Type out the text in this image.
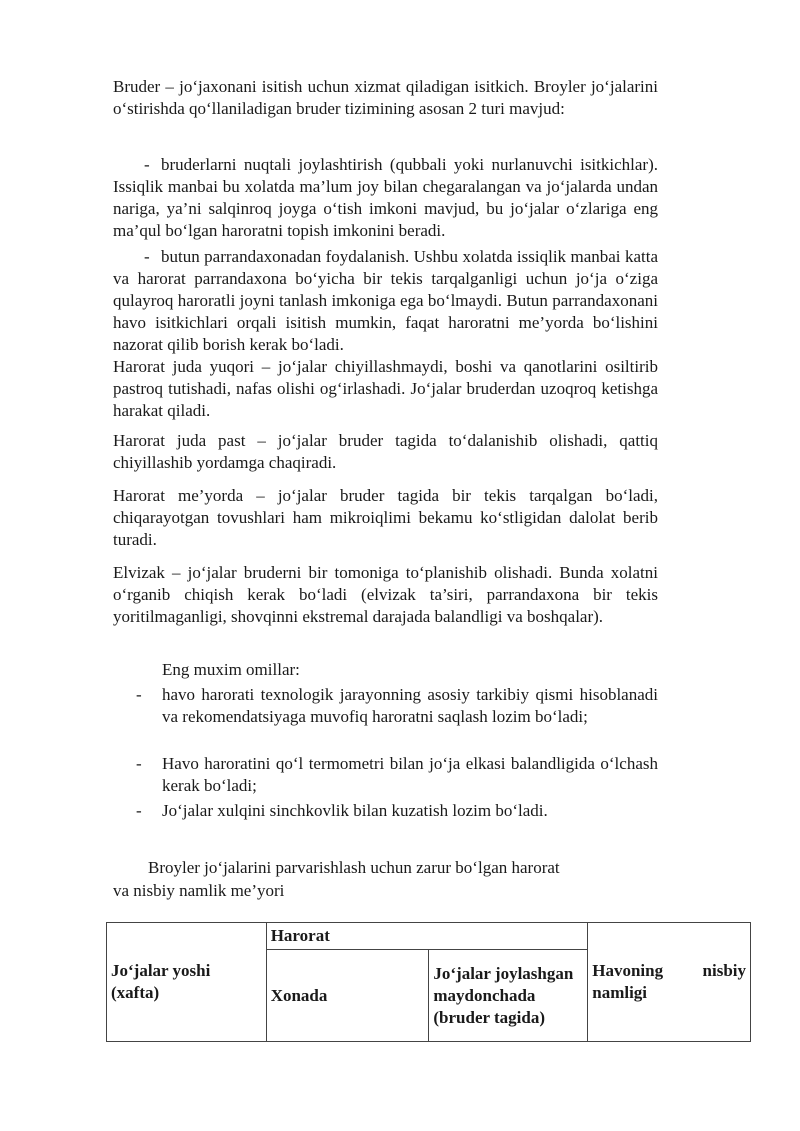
Bruder – jo‘jaxonani isitish uchun xizmat qiladigan isitkich. Broyler jo‘jalarini o‘stirishda qo‘llaniladigan bruder tizimining asosan 2 turi mavjud:

- bruderlarni nuqtali joylashtirish (qubbali yoki nurlanuvchi isitkichlar). Issiqlik manbai bu xolatda ma’lum joy bilan chegaralangan va jo‘jalarda undan nariga, ya’ni salqinroq joyga o‘tish imkoni mavjud, bu jo‘jalar o‘zlariga eng ma’qul bo‘lgan haroratni topish imkonini beradi.

- butun parrandaxonadan foydalanish. Ushbu xolatda issiqlik manbai katta va harorat parrandaxona bo‘yicha bir tekis tarqalganligi uchun jo‘ja o‘ziga qulayroq haroratli joyni tanlash imkoniga ega bo‘lmaydi. Butun parrandaxonani havo isitkichlari orqali isitish mumkin, faqat haroratni me’yorda bo‘lishini nazorat qilib borish kerak bo‘ladi.

Harorat juda yuqori – jo‘jalar chiyillashmaydi, boshi va qanotlarini osiltirib pastroq tutishadi, nafas olishi og‘irlashadi. Jo‘jalar bruderdan uzoqroq ketishga harakat qiladi.

Harorat juda past – jo‘jalar bruder tagida to‘dalanishib olishadi, qattiq chiyillashib yordamga chaqiradi.

Harorat me’yorda – jo‘jalar bruder tagida bir tekis tarqalgan bo‘ladi, chiqarayotgan tovushlari ham mikroiqlimi bekamu ko‘stligidan dalolat berib turadi.

Elvizak – jo‘jalar bruderni bir tomoniga to‘planishib olishadi. Bunda xolatni o‘rganib chiqish kerak bo‘ladi (elvizak ta’siri, parrandaxona bir tekis yoritilmaganligi, shovqinni ekstremal darajada balandligi va boshqalar).

Eng muxim omillar:

- havo harorati texnologik jarayonning asosiy tarkibiy qismi hisoblanadi va rekomendatsiyaga muvofiq haroratni saqlash lozim bo‘ladi;

- Havo haroratini qo‘l termometri bilan jo‘ja elkasi balandligida o‘lchash kerak bo‘ladi;

- Jo‘jalar xulqini sinchkovlik bilan kuzatish lozim bo‘ladi.

Broyler jo‘jalarini parvarishlash uchun zarur bo‘lgan harorat

va nisbiy namlik me’yori

Jo‘jalar yoshi (xafta)	Harorat		Havoning nisbiy namligi
	Xonada	Jo‘jalar joylashgan maydonchada (bruder tagida)	
